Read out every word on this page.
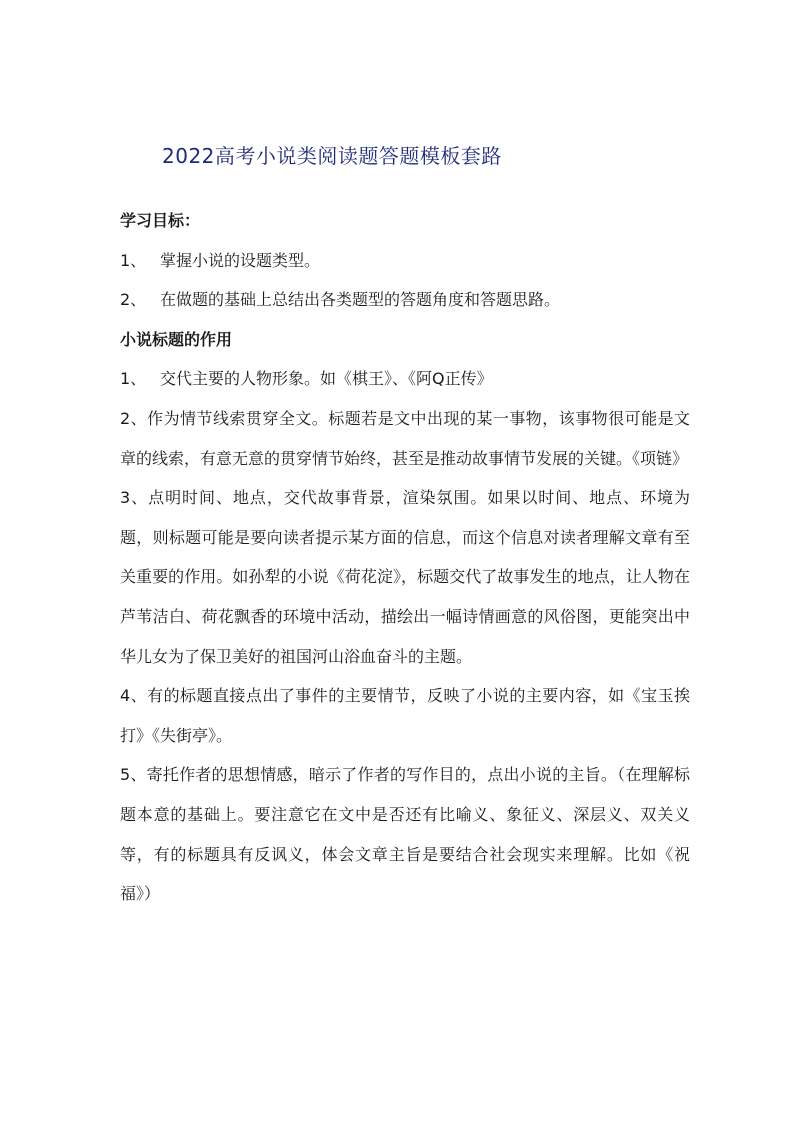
2022高考小说类阅读题答题模板套路

学习目标：

1、 掌握小说的设题类型。

2、 在做题的基础上总结出各类题型的答题角度和答题思路。

小说标题的作用

1、 交代主要的人物形象。如《棋王》、《阿Q正传》

2、作为情节线索贯穿全文。标题若是文中出现的某一事物，该事物很可能是文章的线索，有意无意的贯穿情节始终，甚至是推动故事情节发展的关键。《项链》

3、点明时间、地点，交代故事背景，渲染氛围。如果以时间、地点、环境为题，则标题可能是要向读者提示某方面的信息，而这个信息对读者理解文章有至关重要的作用。如孙犁的小说《荷花淀》，标题交代了故事发生的地点，让人物在芦苇洁白、荷花飘香的环境中活动，描绘出一幅诗情画意的风俗图，更能突出中华儿女为了保卫美好的祖国河山浴血奋斗的主题。

4、有的标题直接点出了事件的主要情节，反映了小说的主要内容，如《宝玉挨打》《失街亭》。

5、寄托作者的思想情感，暗示了作者的写作目的，点出小说的主旨。（在理解标题本意的基础上。要注意它在文中是否还有比喻义、象征义、深层义、双关义等，有的标题具有反讽义，体会文章主旨是要结合社会现实来理解。比如《祝福》）
